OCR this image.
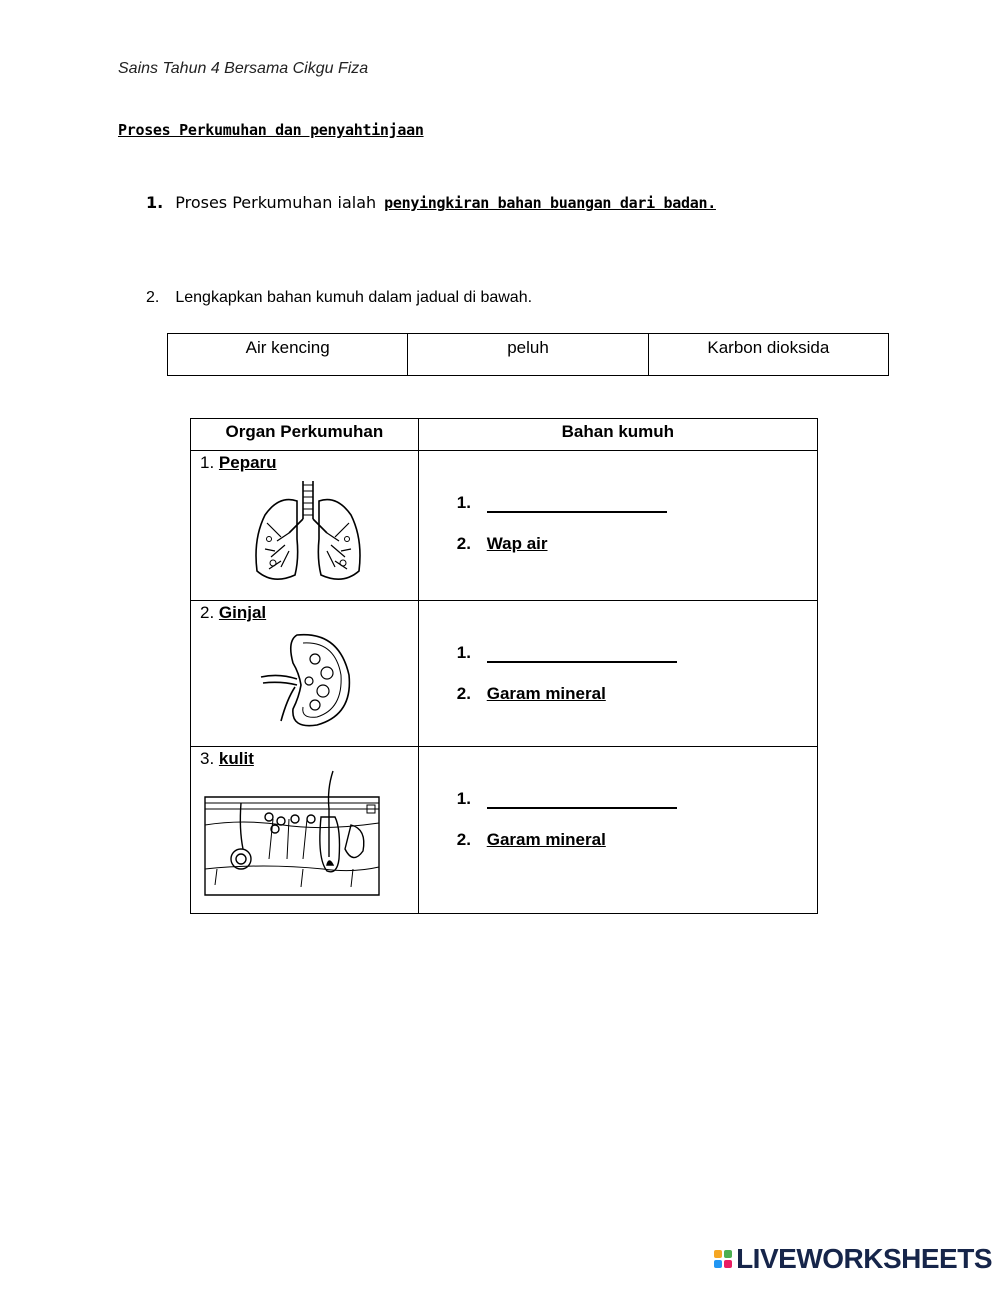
Sains Tahun 4 Bersama Cikgu Fiza
Proses Perkumuhan dan penyahtinjaan
1. Proses Perkumuhan ialah penyingkiran bahan buangan dari badan.
2. Lengkapkan bahan kumuh dalam jadual di bawah.
Air kencing	peluh	Karbon dioksida
Organ Perkumuhan	Bahan kumuh

1. Peparu	1.
2. Wap air

2. Ginjal	1.
2. Garam mineral

3. kulit	1.
2. Garam mineral
LIVEWORKSHEETS
